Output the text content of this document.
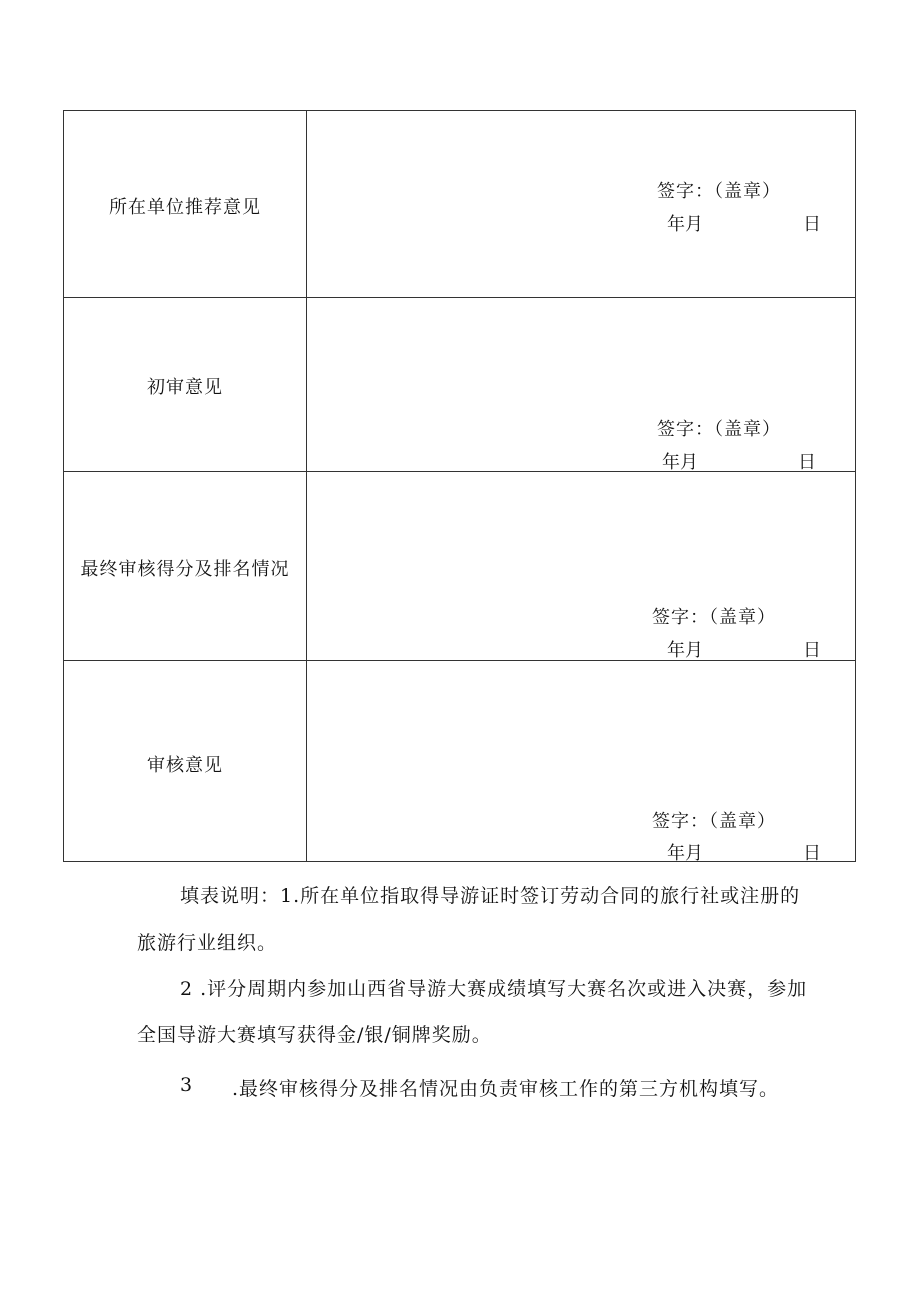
所在单位推荐意见
签字：（盖章）
年月	日
初审意见
签字：（盖章）
年月	日
最终审核得分及排名情况
签字：（盖章）
年月	日
审核意见
签字：（盖章）
年月	日
填表说明：1.所在单位指取得导游证时签订劳动合同的旅行社或注册的
旅游行业组织。
2 .评分周期内参加山西省导游大赛成绩填写大赛名次或进入决赛，参加
全国导游大赛填写获得金/银/铜牌奖励。
3 .最终审核得分及排名情况由负责审核工作的第三方机构填写。
